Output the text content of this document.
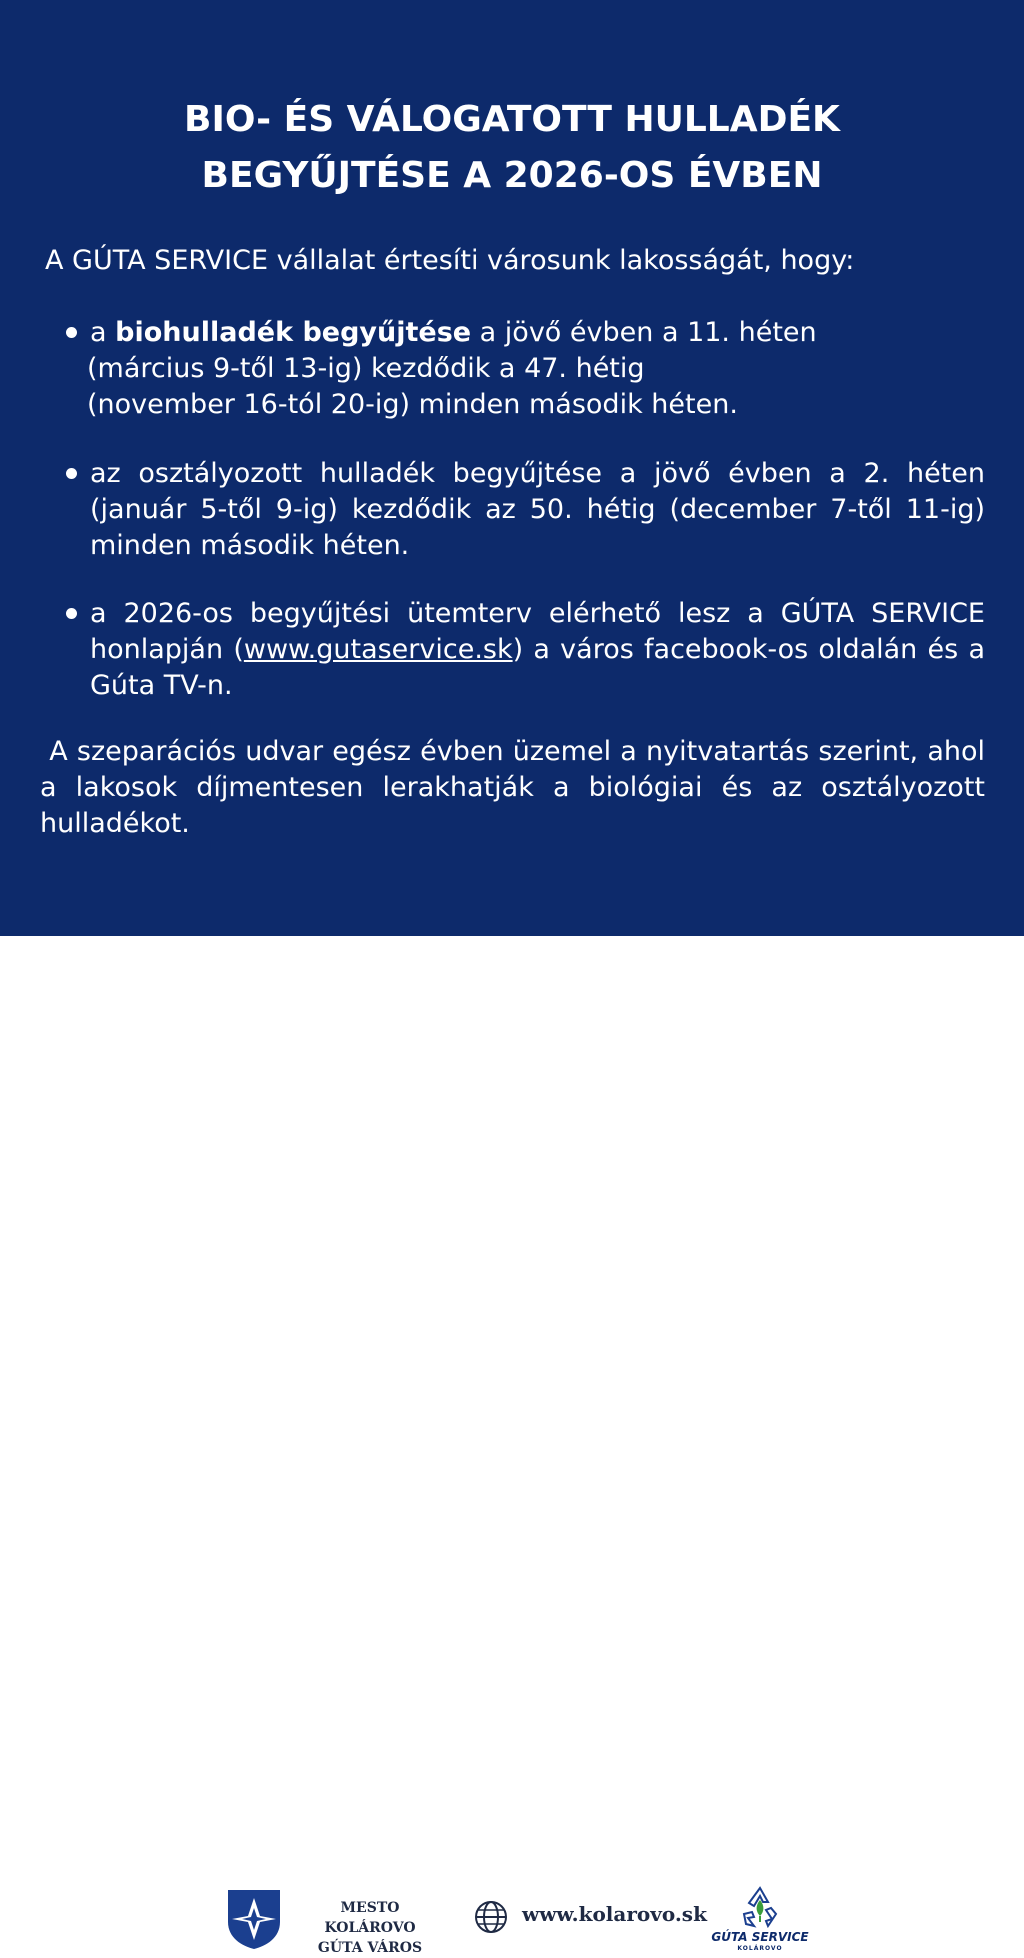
BIO- ÉS VÁLOGATOTT HULLADÉK
BEGYŰJTÉSE A 2026-OS ÉVBEN
A GÚTA SERVICE vállalat értesíti városunk lakosságát, hogy:
a biohulladék begyűjtése a jövő évben a 11. héten
(március 9-től 13-ig) kezdődik a 47. hétig
(november 16-tól 20-ig) minden második héten.
az osztályozott hulladék begyűjtése a jövő évben a 2. héten (január 5-től 9-ig) kezdődik az 50. hétig (december 7-től 11-ig) minden második héten.
a 2026-os begyűjtési ütemterv elérhető lesz a GÚTA SERVICE honlapján (www.gutaservice.sk) a város facebook-os oldalán és a Gúta TV-n.
A szeparációs udvar egész évben üzemel a nyitvatartás szerint, ahol a lakosok díjmentesen lerakhatják a biológiai és az osztályozott hulladékot.
MESTO KOLÁROVO
GÚTA VÁROS
www.kolarovo.sk
GÚTA SERVICE
KOLÁROVO
